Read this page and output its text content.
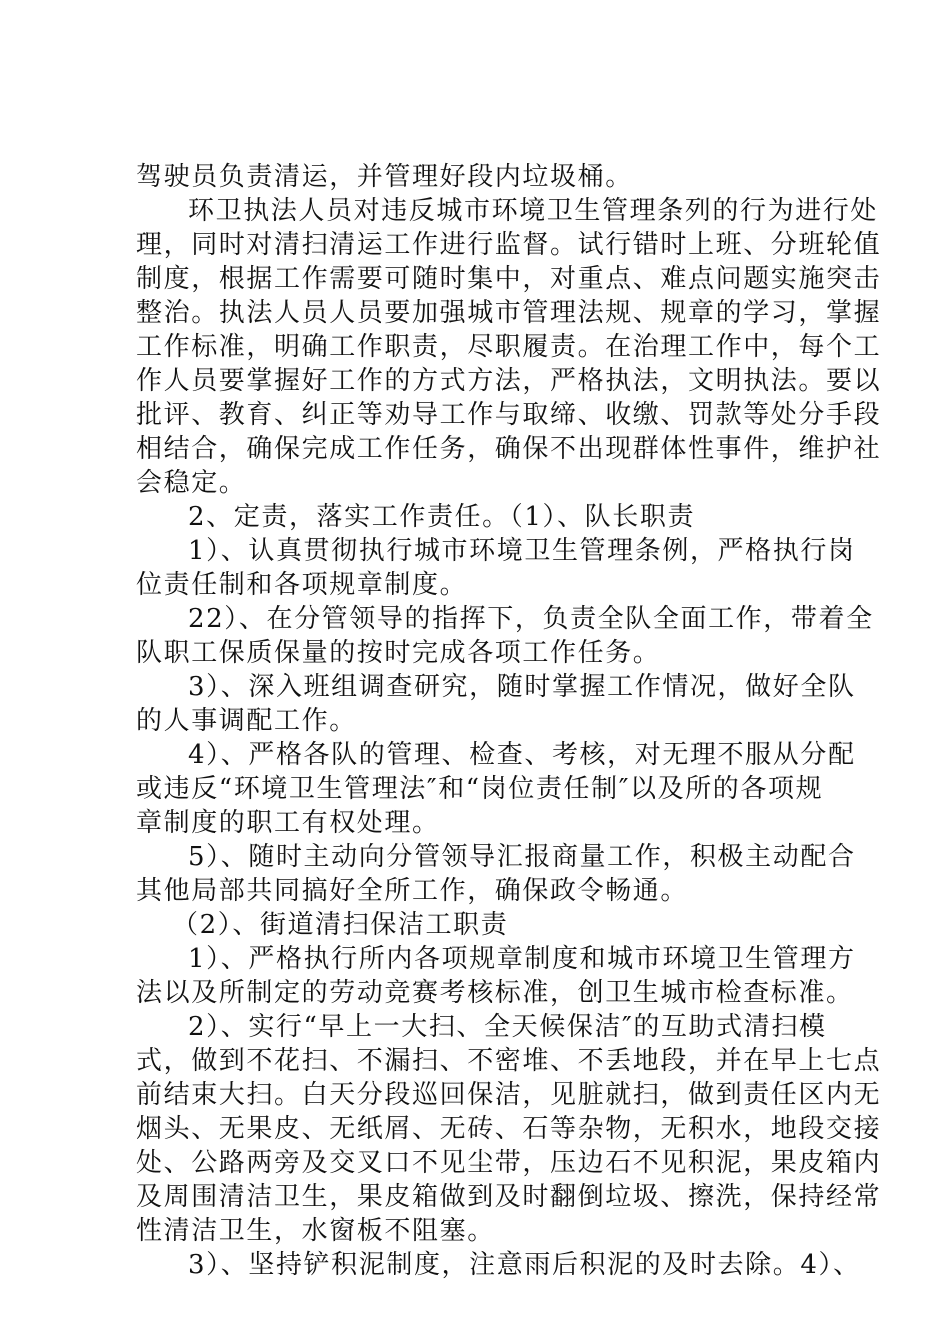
驾驶员负责清运，并管理好段内垃圾桶。
环卫执法人员对违反城市环境卫生管理条列的行为进行处
理，同时对清扫清运工作进行监督。试行错时上班、分班轮值
制度，根据工作需要可随时集中，对重点、难点问题实施突击
整治。执法人员人员要加强城市管理法规、规章的学习，掌握
工作标准，明确工作职责，尽职履责。在治理工作中，每个工
作人员要掌握好工作的方式方法，严格执法，文明执法。要以
批评、教育、纠正等劝导工作与取缔、收缴、罚款等处分手段
相结合，确保完成工作任务，确保不出现群体性事件，维护社
会稳定。
2、定责，落实工作责任。（1）、队长职责
1）、认真贯彻执行城市环境卫生管理条例，严格执行岗
位责任制和各项规章制度。
22）、在分管领导的指挥下，负责全队全面工作，带着全
队职工保质保量的按时完成各项工作任务。
3）、深入班组调查研究，随时掌握工作情况，做好全队
的人事调配工作。
4）、严格各队的管理、检查、考核，对无理不服从分配
或违反“环境卫生管理法″和“岗位责任制″以及所的各项规
章制度的职工有权处理。
5）、随时主动向分管领导汇报商量工作，积极主动配合
其他局部共同搞好全所工作，确保政令畅通。
（2）、街道清扫保洁工职责
1）、严格执行所内各项规章制度和城市环境卫生管理方
法以及所制定的劳动竞赛考核标准，创卫生城市检查标准。
2）、实行“早上一大扫、全天候保洁″的互助式清扫模
式，做到不花扫、不漏扫、不密堆、不丢地段，并在早上七点
前结束大扫。白天分段巡回保洁，见脏就扫，做到责任区内无
烟头、无果皮、无纸屑、无砖、石等杂物，无积水，地段交接
处、公路两旁及交叉口不见尘带，压边石不见积泥，果皮箱内
及周围清洁卫生，果皮箱做到及时翻倒垃圾、擦洗，保持经常
性清洁卫生，水窗板不阻塞。
3）、坚持铲积泥制度，注意雨后积泥的及时去除。4）、
